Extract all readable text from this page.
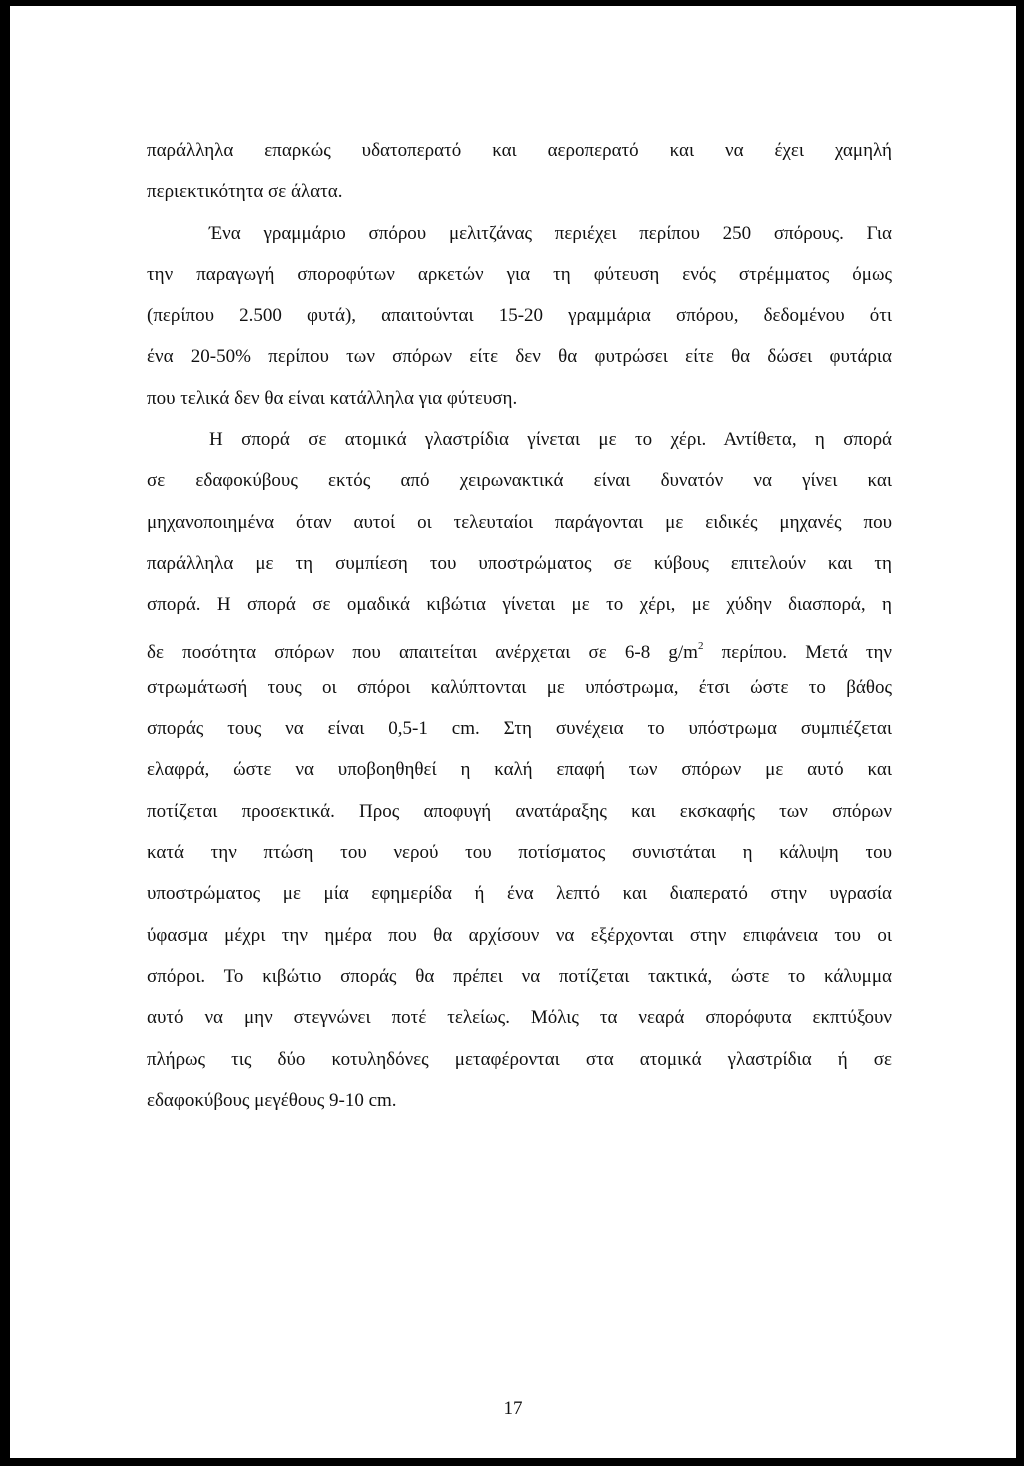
παράλληλα επαρκώς υδατοπερατό και αεροπερατό και να έχει χαμηλή
περιεκτικότητα σε άλατα.
Ένα γραμμάριο σπόρου μελιτζάνας περιέχει περίπου 250 σπόρους. Για
την παραγωγή σποροφύτων αρκετών για τη φύτευση ενός στρέμματος όμως
(περίπου 2.500 φυτά), απαιτούνται 15-20 γραμμάρια σπόρου, δεδομένου ότι
ένα 20-50% περίπου των σπόρων είτε δεν θα φυτρώσει είτε θα δώσει φυτάρια
που τελικά δεν θα είναι κατάλληλα για φύτευση.
Η σπορά σε ατομικά γλαστρίδια γίνεται με το χέρι. Αντίθετα, η σπορά
σε εδαφοκύβους εκτός από χειρωνακτικά είναι δυνατόν να γίνει και
μηχανοποιημένα όταν αυτοί οι τελευταίοι παράγονται με ειδικές μηχανές που
παράλληλα με τη συμπίεση του υποστρώματος σε κύβους επιτελούν και τη
σπορά. Η σπορά σε ομαδικά κιβώτια γίνεται με το χέρι, με χύδην διασπορά, η
δε ποσότητα σπόρων που απαιτείται ανέρχεται σε 6-8 $g/m^2$ περίπου. Μετά την
στρωμάτωσή τους οι σπόροι καλύπτονται με υπόστρωμα, έτσι ώστε το βάθος
σποράς τους να είναι 0,5-1 cm. Στη συνέχεια το υπόστρωμα συμπιέζεται
ελαφρά, ώστε να υποβοηθηθεί η καλή επαφή των σπόρων με αυτό και
ποτίζεται προσεκτικά. Προς αποφυγή ανατάραξης και εκσκαφής των σπόρων
κατά την πτώση του νερού του ποτίσματος συνιστάται η κάλυψη του
υποστρώματος με μία εφημερίδα ή ένα λεπτό και διαπερατό στην υγρασία
ύφασμα μέχρι την ημέρα που θα αρχίσουν να εξέρχονται στην επιφάνεια του οι
σπόροι. Το κιβώτιο σποράς θα πρέπει να ποτίζεται τακτικά, ώστε το κάλυμμα
αυτό να μην στεγνώνει ποτέ τελείως. Μόλις τα νεαρά σπορόφυτα εκπτύξουν
πλήρως τις δύο κοτυληδόνες μεταφέρονται στα ατομικά γλαστρίδια ή σε
εδαφοκύβους μεγέθους 9-10 cm.
17
